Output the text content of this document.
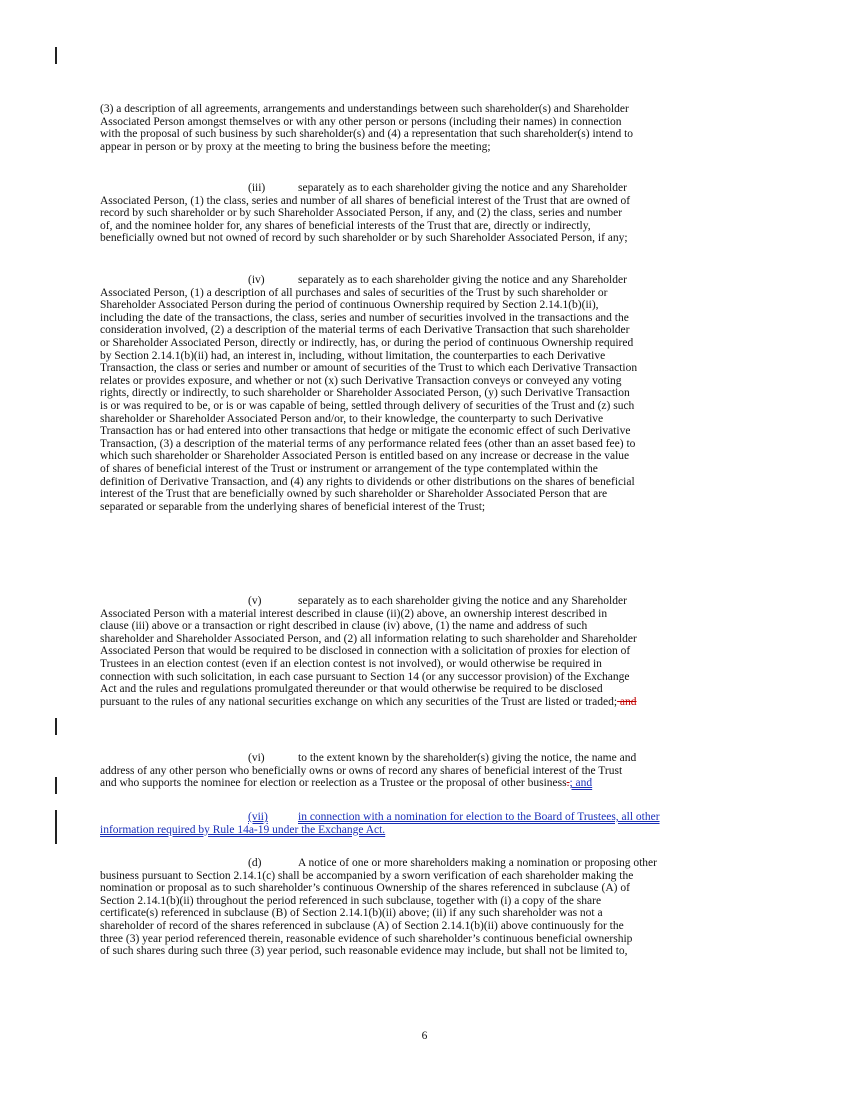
(3) a description of all agreements, arrangements and understandings between such shareholder(s) and Shareholder
Associated Person amongst themselves or with any other person or persons (including their names) in connection
with the proposal of such business by such shareholder(s) and (4) a representation that such shareholder(s) intend to
appear in person or by proxy at the meeting to bring the business before the meeting;
(iii)	separately as to each shareholder giving the notice and any Shareholder
Associated Person, (1) the class, series and number of all shares of beneficial interest of the Trust that are owned of
record by such shareholder or by such Shareholder Associated Person, if any, and (2) the class, series and number
of, and the nominee holder for, any shares of beneficial interests of the Trust that are, directly or indirectly,
beneficially owned but not owned of record by such shareholder or by such Shareholder Associated Person, if any;
(iv)	separately as to each shareholder giving the notice and any Shareholder
Associated Person, (1) a description of all purchases and sales of securities of the Trust by such shareholder or
Shareholder Associated Person during the period of continuous Ownership required by Section 2.14.1(b)(ii),
including the date of the transactions, the class, series and number of securities involved in the transactions and the
consideration involved, (2) a description of the material terms of each Derivative Transaction that such shareholder
or Shareholder Associated Person, directly or indirectly, has, or during the period of continuous Ownership required
by Section 2.14.1(b)(ii) had, an interest in, including, without limitation, the counterparties to each Derivative
Transaction, the class or series and number or amount of securities of the Trust to which each Derivative Transaction
relates or provides exposure, and whether or not (x) such Derivative Transaction conveys or conveyed any voting
rights, directly or indirectly, to such shareholder or Shareholder Associated Person, (y) such Derivative Transaction
is or was required to be, or is or was capable of being, settled through delivery of securities of the Trust and (z) such
shareholder or Shareholder Associated Person and/or, to their knowledge, the counterparty to such Derivative
Transaction has or had entered into other transactions that hedge or mitigate the economic effect of such Derivative
Transaction, (3) a description of the material terms of any performance related fees (other than an asset based fee) to
which such shareholder or Shareholder Associated Person is entitled based on any increase or decrease in the value
of shares of beneficial interest of the Trust or instrument or arrangement of the type contemplated within the
definition of Derivative Transaction, and (4) any rights to dividends or other distributions on the shares of beneficial
interest of the Trust that are beneficially owned by such shareholder or Shareholder Associated Person that are
separated or separable from the underlying shares of beneficial interest of the Trust;
(v)	separately as to each shareholder giving the notice and any Shareholder
Associated Person with a material interest described in clause (ii)(2) above, an ownership interest described in
clause (iii) above or a transaction or right described in clause (iv) above, (1) the name and address of such
shareholder and Shareholder Associated Person, and (2) all information relating to such shareholder and Shareholder
Associated Person that would be required to be disclosed in connection with a solicitation of proxies for election of
Trustees in an election contest (even if an election contest is not involved), or would otherwise be required in
connection with such solicitation, in each case pursuant to Section 14 (or any successor provision) of the Exchange
Act and the rules and regulations promulgated thereunder or that would otherwise be required to be disclosed
pursuant to the rules of any national securities exchange on which any securities of the Trust are listed or traded; and
(vi)	to the extent known by the shareholder(s) giving the notice, the name and
address of any other person who beneficially owns or owns of record any shares of beneficial interest of the Trust
and who supports the nominee for election or reelection as a Trustee or the proposal of other business.; and
(vii)	in connection with a nomination for election to the Board of Trustees, all other
information required by Rule 14a-19 under the Exchange Act.
(d)	A notice of one or more shareholders making a nomination or proposing other
business pursuant to Section 2.14.1(c) shall be accompanied by a sworn verification of each shareholder making the
nomination or proposal as to such shareholder’s continuous Ownership of the shares referenced in subclause (A) of
Section 2.14.1(b)(ii) throughout the period referenced in such subclause, together with (i) a copy of the share
certificate(s) referenced in subclause (B) of Section 2.14.1(b)(ii) above; (ii) if any such shareholder was not a
shareholder of record of the shares referenced in subclause (A) of Section 2.14.1(b)(ii) above continuously for the
three (3) year period referenced therein, reasonable evidence of such shareholder’s continuous beneficial ownership
of such shares during such three (3) year period, such reasonable evidence may include, but shall not be limited to,
6
